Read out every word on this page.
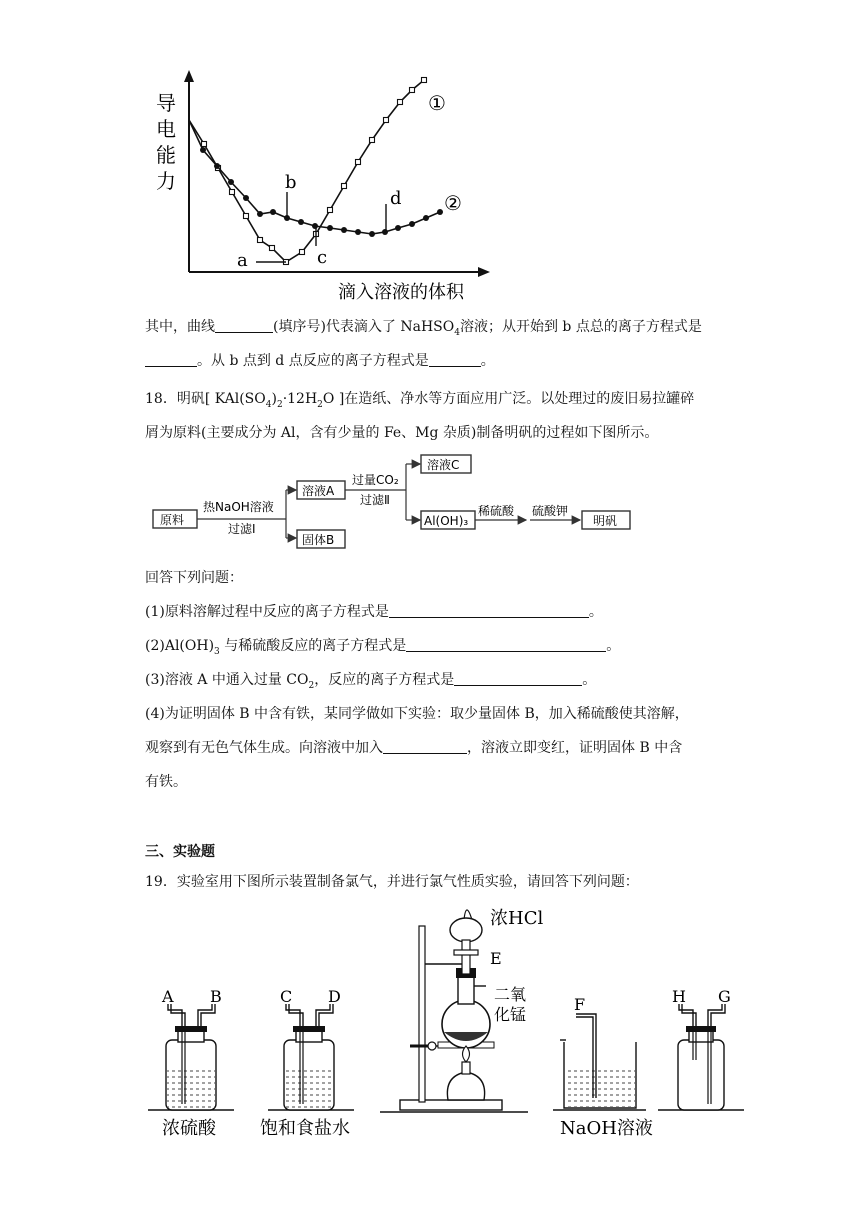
导
电
能
力
滴入溶液的体积
①
②
a
b
c
d
其中，曲线	(填序号)代表滴入了 NaHSO$_4$溶液；从开始到 b 点总的离子方程式是
。从 b 点到 d 点反应的离子方程式是	。
18．明矾[ $KAl(SO_4)_2\cdot 12H_2O$ ]在造纸、净水等方面应用广泛。以处理过的废旧易拉罐碎
屑为原料(主要成分为 Al，含有少量的 Fe、Mg 杂质)制备明矾的过程如下图所示。
原料
热NaOH溶液
过滤Ⅰ
溶液A
固体B
过量CO₂
过滤Ⅱ
溶液C
Al(OH)₃
稀硫酸 硫酸钾
明矾
回答下列问题：
(1)原料溶解过程中反应的离子方程式是	。
$(2)Al(OH)_3$ 与稀硫酸反应的离子方程式是	。
(3)溶液 A 中通入过量 $CO_2$，反应的离子方程式是	。
(4)为证明固体 B 中含有铁，某同学做如下实验：取少量固体 B，加入稀硫酸使其溶解，
观察到有无色气体生成。向溶液中加入	，溶液立即变红，证明固体 B 中含
有铁。
三、实验题
19．实验室用下图所示装置制备氯气，并进行氯气性质实验，请回答下列问题：
A B
浓硫酸
C D
饱和食盐水
浓HCl
E
二氧
化锰
F
NaOH溶液
H G
